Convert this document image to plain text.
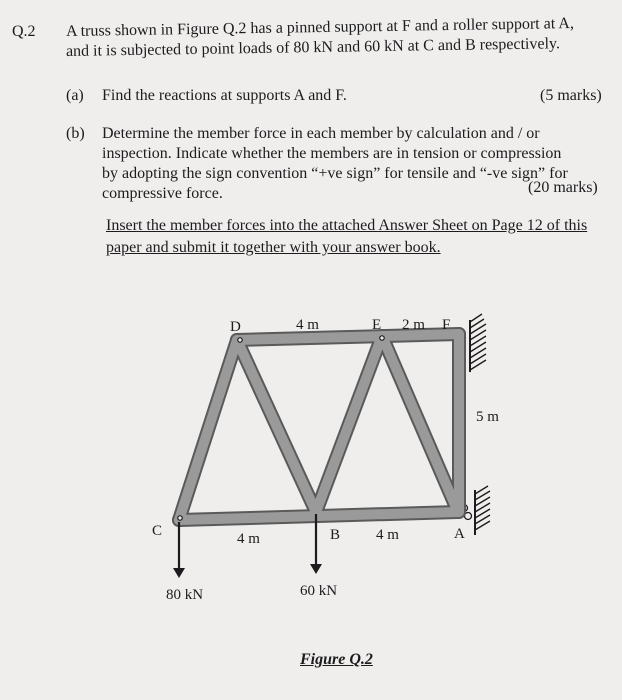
Q.2 A truss shown in Figure Q.2 has a pinned support at F and a roller support at A,
and it is subjected to point loads of 80 kN and 60 kN at C and B respectively.
(a) Find the reactions at supports A and F.	(5 marks)
(b) Determine the member force in each member by calculation and / or
inspection. Indicate whether the members are in tension or compression
by adopting the sign convention “+ve sign” for tensile and “-ve sign” for
compressive force.	(20 marks)
Insert the member forces into the attached Answer Sheet on Page 12 of this
paper and submit it together with your answer book.
D	4 m	E 2 m F
5 m
C	4 m	B 4 m	A
80 kN	60 kN
Figure Q.2
